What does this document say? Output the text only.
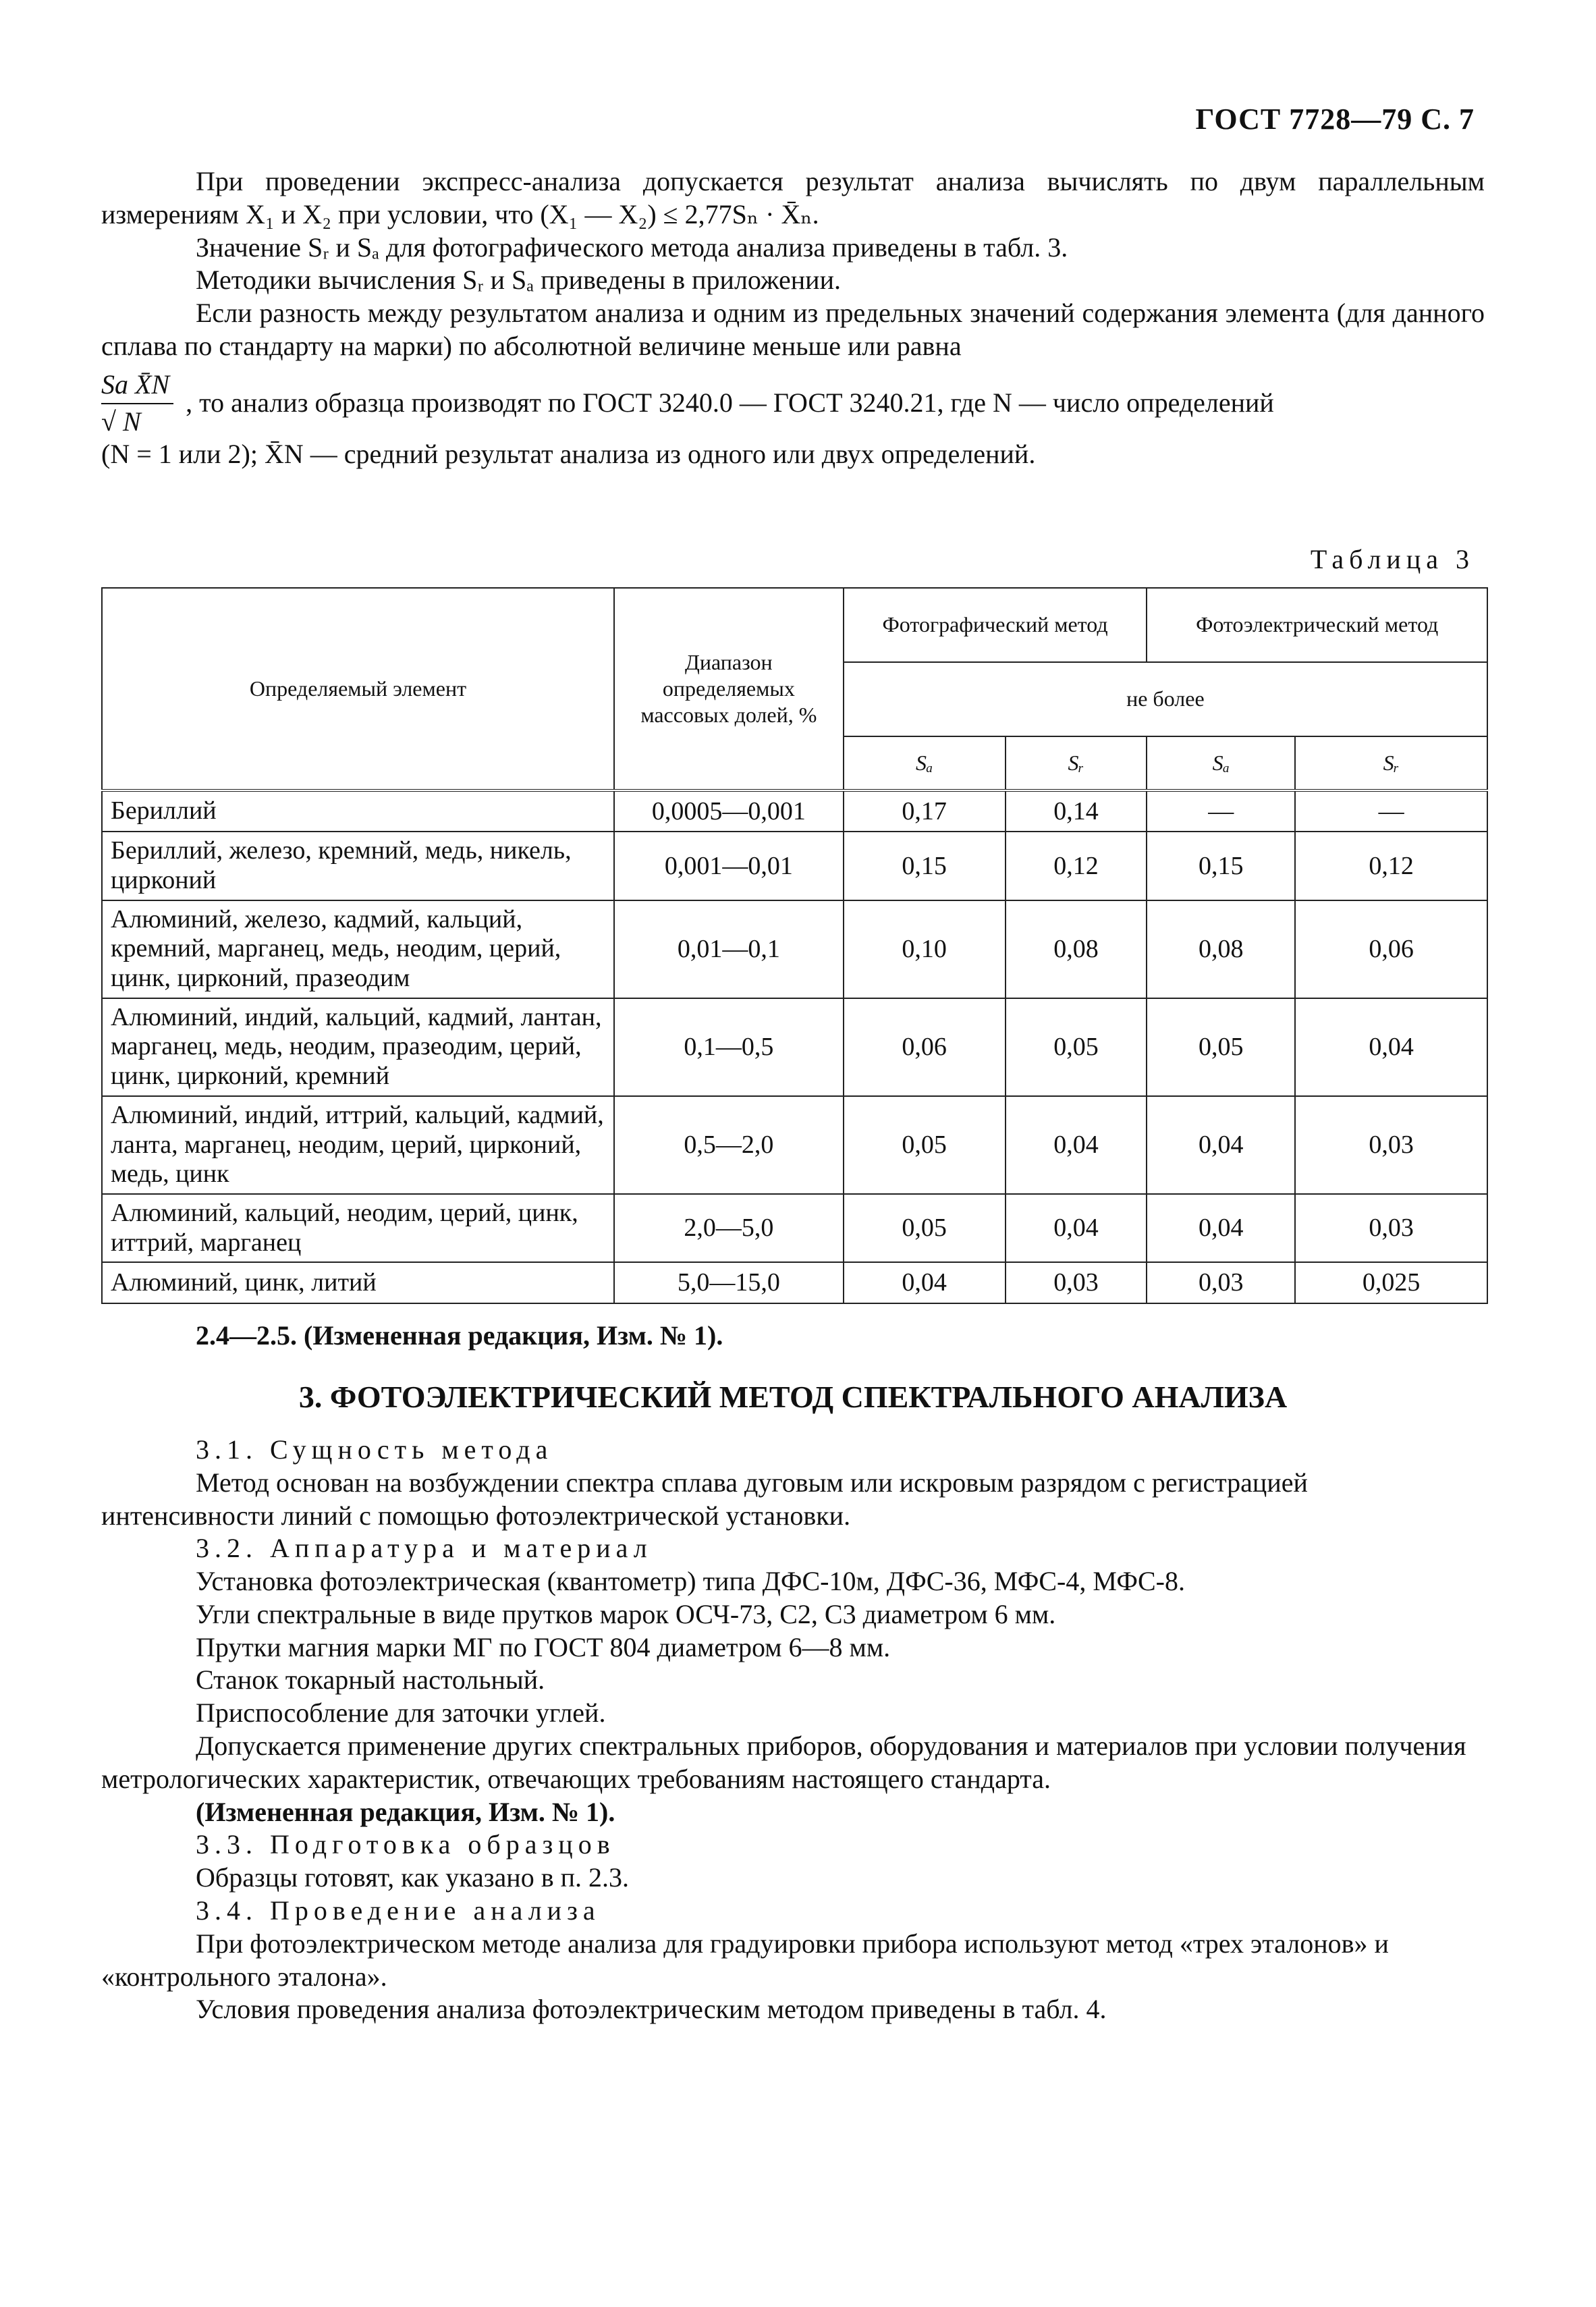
ГОСТ 7728—79 С. 7

При проведении экспресс-анализа допускается результат анализа вычислять по двум параллельным измерениям X₁ и X₂ при условии, что (X₁ — X₂) ≤ 2,77Sₙ · X̄ₙ.

Значение Sᵣ и Sₐ для фотографического метода анализа приведены в табл. 3.

Методики вычисления Sᵣ и Sₐ приведены в приложении.

Если разность между результатом анализа и одним из предельных значений содержания элемента (для данного сплава по стандарту на марки) по абсолютной величине меньше или равна

$\frac{\text{Sa X̄N}}{√ N}$ , то анализ образца производят по ГОСТ 3240.0 — ГОСТ 3240.21, где N — число определений

(N = 1 или 2); X̄N — средний результат анализа из одного или двух определений.

Таблица 3
Определяемый элемент	Диапазон определяемых массовых долей, %	Фотографический метод		Фотоэлектрический метод	
		не более			
		Sₐ	Sᵣ	Sₐ	Sᵣ
Бериллий	0,0005—0,001	0,17	0,14	—	—
Бериллий, железо, кремний, медь, никель, цирконий	0,001—0,01	0,15	0,12	0,15	0,12
Алюминий, железо, кадмий, кальций, кремний, марганец, медь, неодим, церий, цинк, цирконий, празеодим	0,01—0,1	0,10	0,08	0,08	0,06
Алюминий, индий, кальций, кадмий, лантан, марганец, медь, неодим, празеодим, церий, цинк, цирконий, кремний	0,1—0,5	0,06	0,05	0,05	0,04
Алюминий, индий, иттрий, кальций, кадмий, ланта, марганец, неодим, церий, цирконий, медь, цинк	0,5—2,0	0,05	0,04	0,04	0,03
Алюминий, кальций, неодим, церий, цинк, иттрий, марганец	2,0—5,0	0,05	0,04	0,04	0,03
Алюминий, цинк, литий	5,0—15,0	0,04	0,03	0,03	0,025

2.4—2.5. (Измененная редакция, Изм. № 1).

3. ФОТОЭЛЕКТРИЧЕСКИЙ МЕТОД СПЕКТРАЛЬНОГО АНАЛИЗА

3.1. Сущность метода

Метод основан на возбуждении спектра сплава дуговым или искровым разрядом с регистрацией интенсивности линий с помощью фотоэлектрической установки.

3.2. Аппаратура и материал

Установка фотоэлектрическая (квантометр) типа ДФС-10м, ДФС-36, МФС-4, МФС-8.

Угли спектральные в виде прутков марок ОСЧ-73, С2, С3 диаметром 6 мм.

Прутки магния марки МГ по ГОСТ 804 диаметром 6—8 мм.

Станок токарный настольный.

Приспособление для заточки углей.

Допускается применение других спектральных приборов, оборудования и материалов при условии получения метрологических характеристик, отвечающих требованиям настоящего стандарта.

(Измененная редакция, Изм. № 1).

3.3. Подготовка образцов

Образцы готовят, как указано в п. 2.3.

3.4. Проведение анализа

При фотоэлектрическом методе анализа для градуировки прибора используют метод «трех эталонов» и «контрольного эталона».

Условия проведения анализа фотоэлектрическим методом приведены в табл. 4.
